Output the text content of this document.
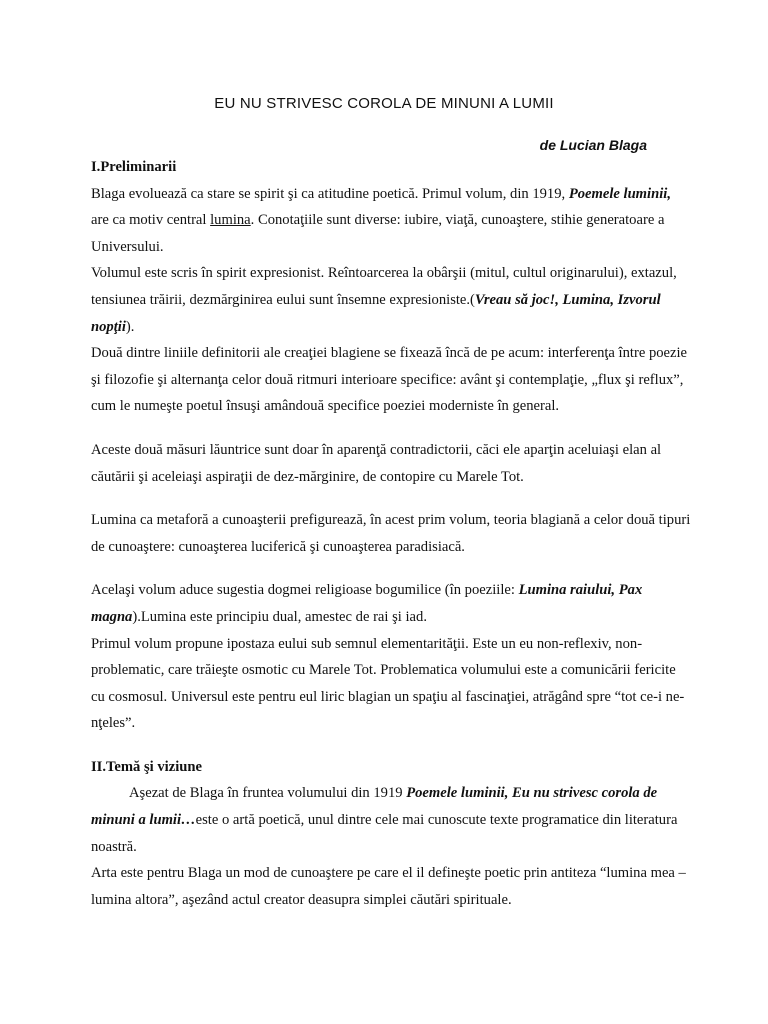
EU NU STRIVESC COROLA DE MINUNI A LUMII
de Lucian Blaga

I.Preliminarii

Blaga evoluează ca stare se spirit şi ca atitudine poetică. Primul volum, din 1919, Poemele luminii, are ca motiv central lumina. Conotaţiile sunt diverse: iubire, viaţă, cunoaştere, stihie generatoare a Universului.

Volumul este scris în spirit expresionist. Reîntoarcerea la obârşii (mitul, cultul originarului), extazul, tensiunea trăirii, dezmărginirea eului sunt însemne expresioniste.(Vreau să joc!, Lumina, Izvorul nopţii).

Două dintre liniile definitorii ale creaţiei blagiene se fixează încă de pe acum: interferenţa între poezie şi filozofie şi alternanţa celor două ritmuri interioare specifice: avânt şi contemplaţie, „flux şi reflux”, cum le numeşte poetul însuşi amândouă specifice poeziei moderniste în general.

Aceste două măsuri lăuntrice sunt doar în aparenţă contradictorii, căci ele aparţin aceluiaşi elan al căutării şi aceleiaşi aspiraţii de dez-mărginire, de contopire cu Marele Tot.

Lumina ca metaforă a cunoaşterii prefigurează, în acest prim volum, teoria blagiană a celor două tipuri de cunoaştere: cunoaşterea luciferică şi cunoaşterea paradisiacă.

Acelaşi volum aduce sugestia dogmei religioase bogumilice (în poeziile: Lumina raiului, Pax magna).Lumina este principiu dual, amestec de rai şi iad.

Primul volum propune ipostaza eului sub semnul elementarităţii. Este un eu non-reflexiv, non-problematic, care trăieşte osmotic cu Marele Tot. Problematica volumului este a comunicării fericite cu cosmosul. Universul este pentru eul liric blagian un spaţiu al fascinaţiei, atrăgând spre “tot ce-i ne-nţeles”.

II.Temă şi viziune

Aşezat de Blaga în fruntea volumului din 1919 Poemele luminii, Eu nu strivesc corola de minuni a lumii…este o artă poetică, unul dintre cele mai cunoscute texte programatice din literatura noastră.

Arta este pentru Blaga un mod de cunoaştere pe care el il defineşte poetic prin antiteza “lumina mea – lumina altora”, aşezând actul creator deasupra simplei căutări spirituale.
